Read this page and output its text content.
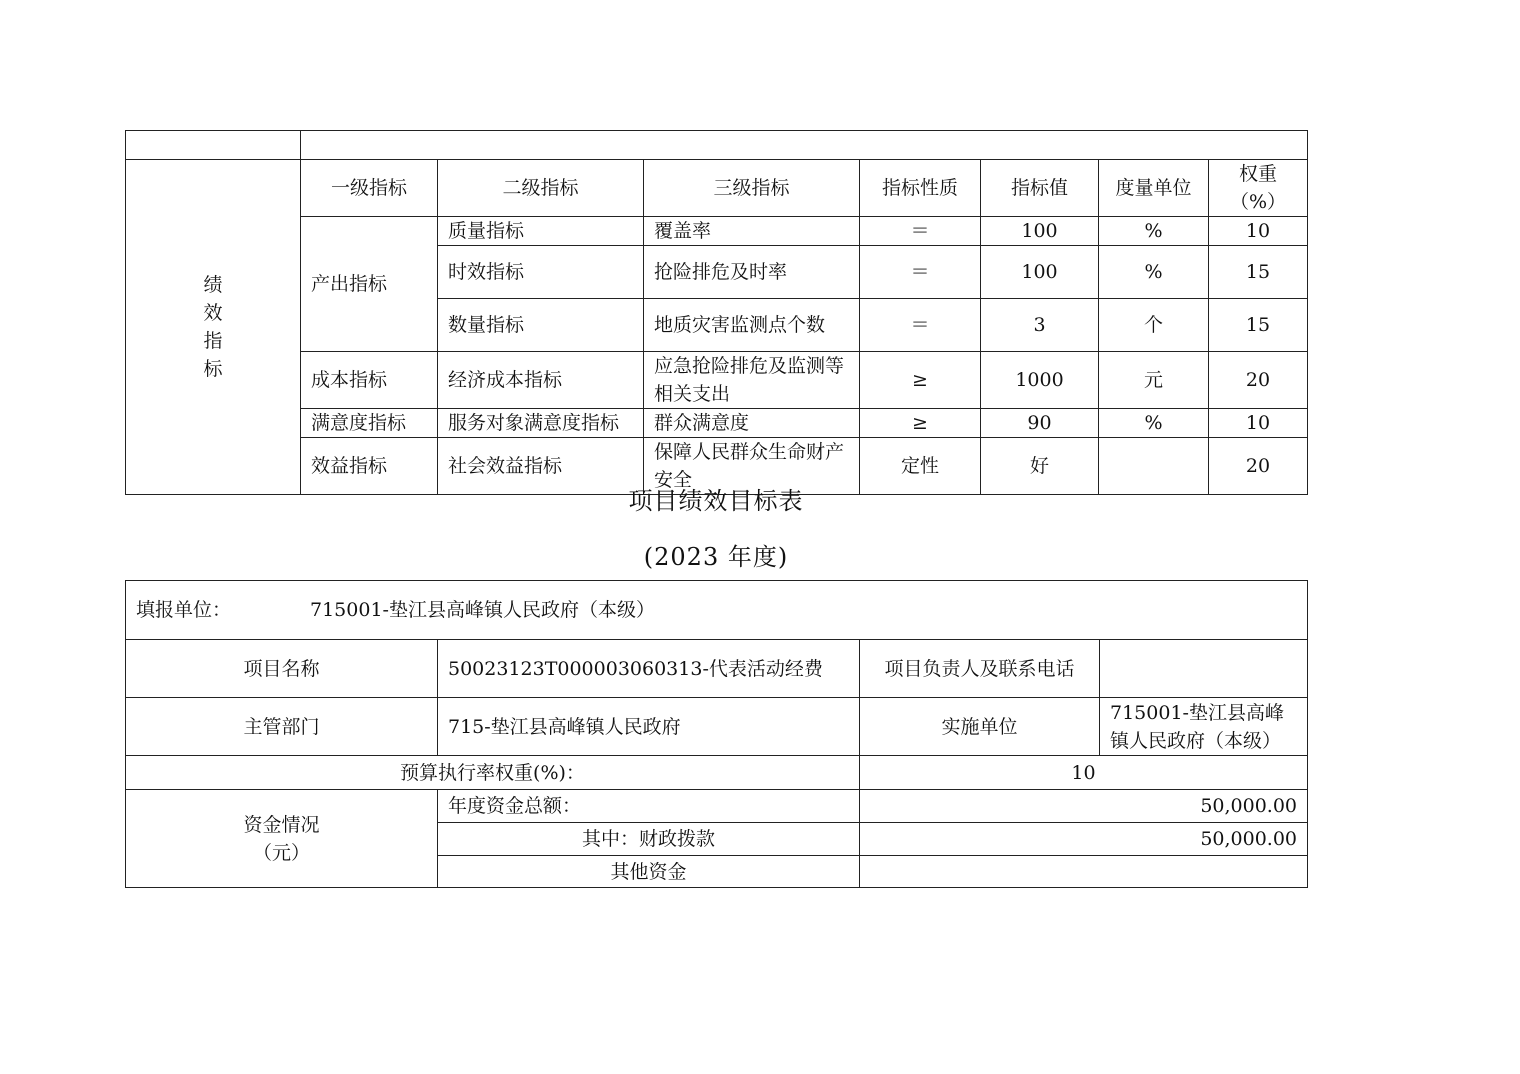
绩
效
指
标	一级指标	二级指标	三级指标	指标性质	指标值	度量单位	权重（%）
	产出指标	质量指标	覆盖率	＝	100	%	10
		时效指标	抢险排危及时率	＝	100	%	15
		数量指标	地质灾害监测点个数	＝	3	个	15
	成本指标	经济成本指标	应急抢险排危及监测等相关支出	≥	1000	元	20
	满意度指标	服务对象满意度指标	群众满意度	≥	90	%	10
	效益指标	社会效益指标	保障人民群众生命财产安全	定性	好		20
项目绩效目标表
(2023 年度)
填报单位： 715001-垫江县高峰镇人民政府（本级）			
项目名称	50023123T000003060313-代表活动经费	项目负责人及联系电话	
主管部门	715-垫江县高峰镇人民政府	实施单位	715001-垫江县高峰镇人民政府（本级）
预算执行率权重(%)：		10	
资金情况
（元）	年度资金总额：	50,000.00	
	其中：财政拨款	50,000.00	
	其他资金		
